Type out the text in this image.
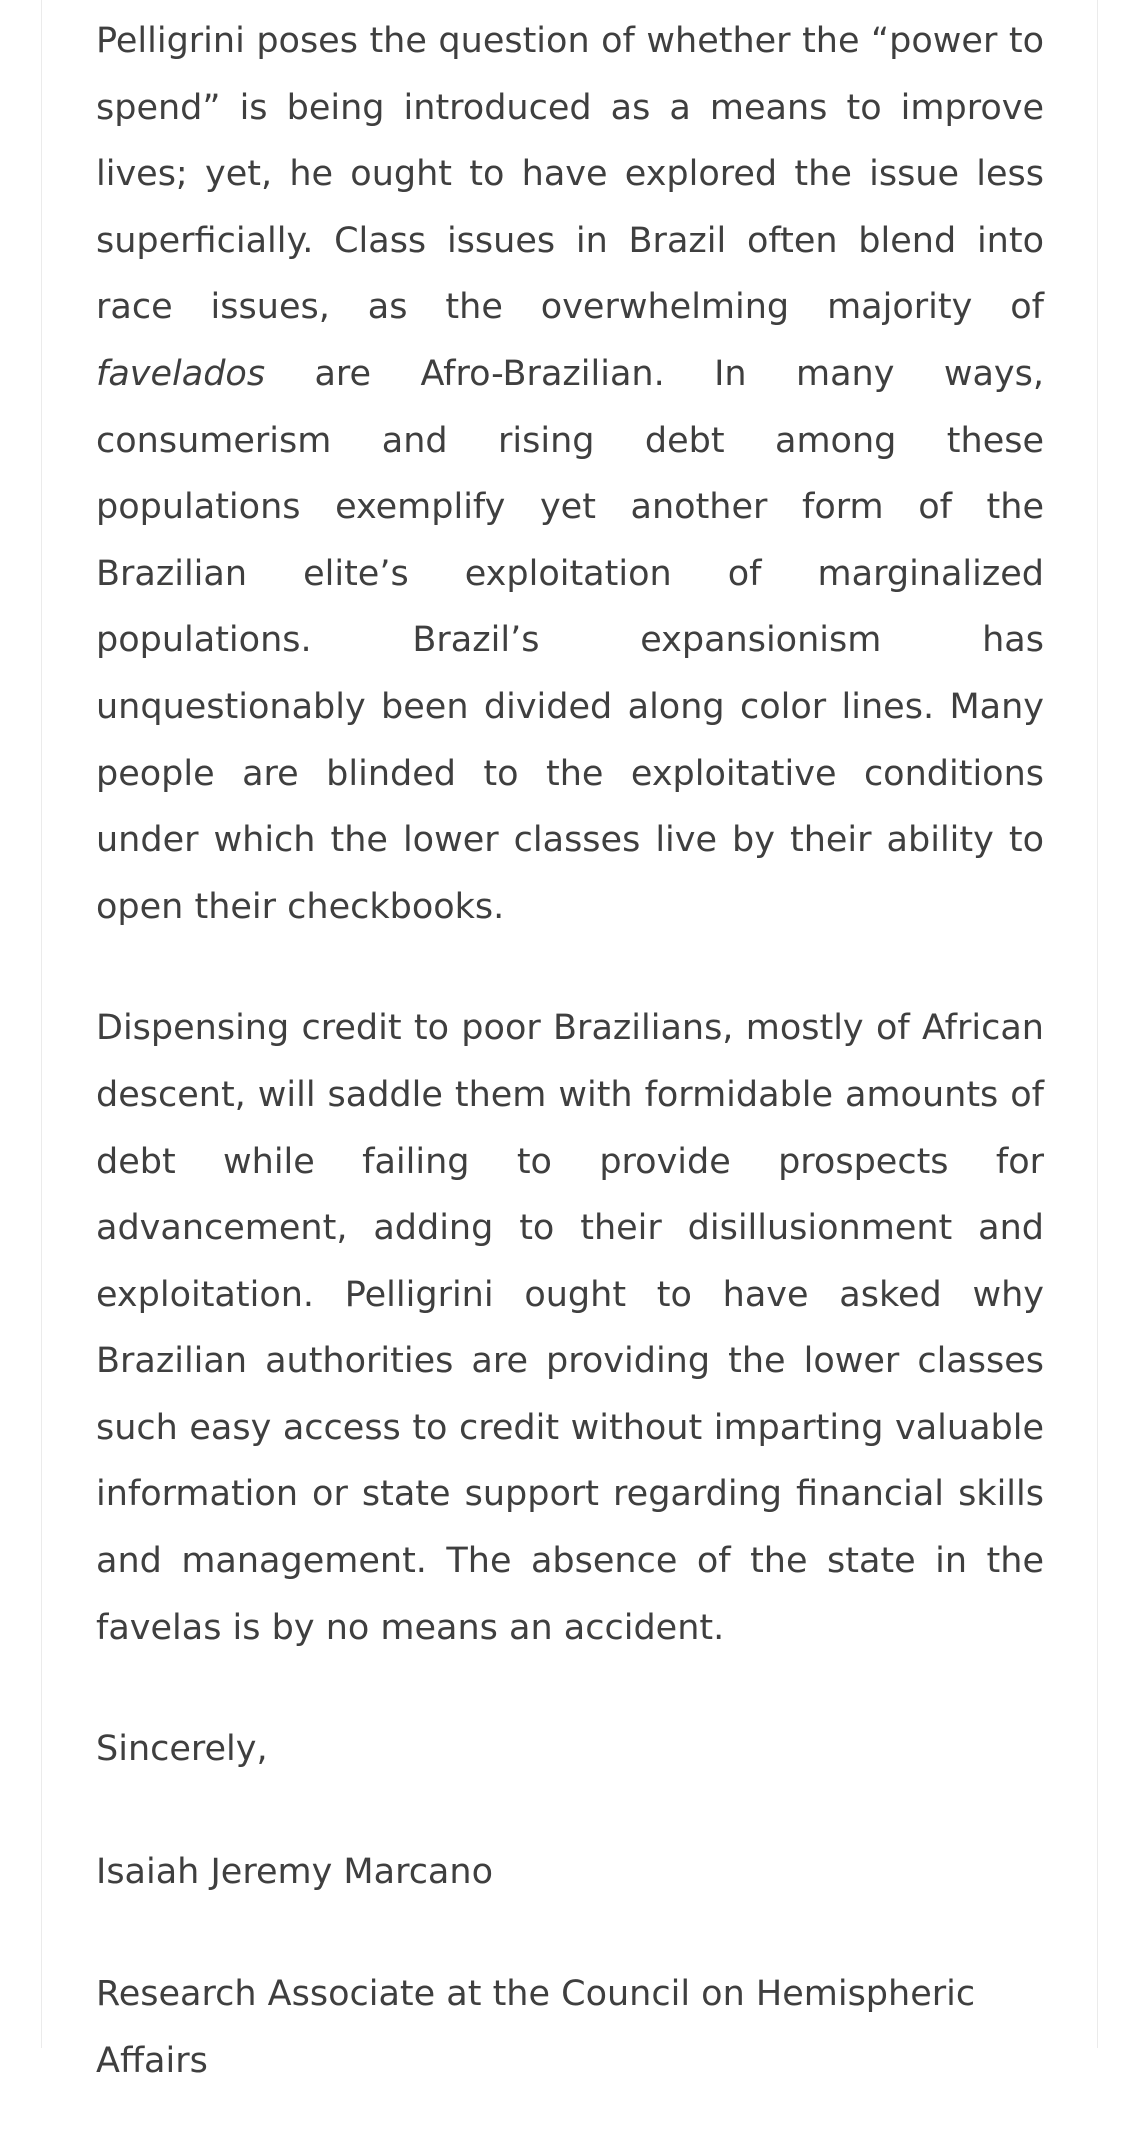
Pelligrini poses the question of whether the “power to spend” is being introduced as a means to improve lives; yet, he ought to have explored the issue less superficially. Class issues in Brazil often blend into race issues, as the overwhelming majority of favelados are Afro-Brazilian. In many ways, consumerism and rising debt among these populations exemplify yet another form of the Brazilian elite’s exploitation of marginalized populations. Brazil’s expansionism has unquestionably been divided along color lines. Many people are blinded to the exploitative conditions under which the lower classes live by their ability to open their checkbooks.

Dispensing credit to poor Brazilians, mostly of African descent, will saddle them with formidable amounts of debt while failing to provide prospects for advancement, adding to their disillusionment and exploitation. Pelligrini ought to have asked why Brazilian authorities are providing the lower classes such easy access to credit without imparting valuable information or state support regarding financial skills and management. The absence of the state in the favelas is by no means an accident.

Sincerely,

Isaiah Jeremy Marcano

Research Associate at the Council on Hemispheric Affairs
